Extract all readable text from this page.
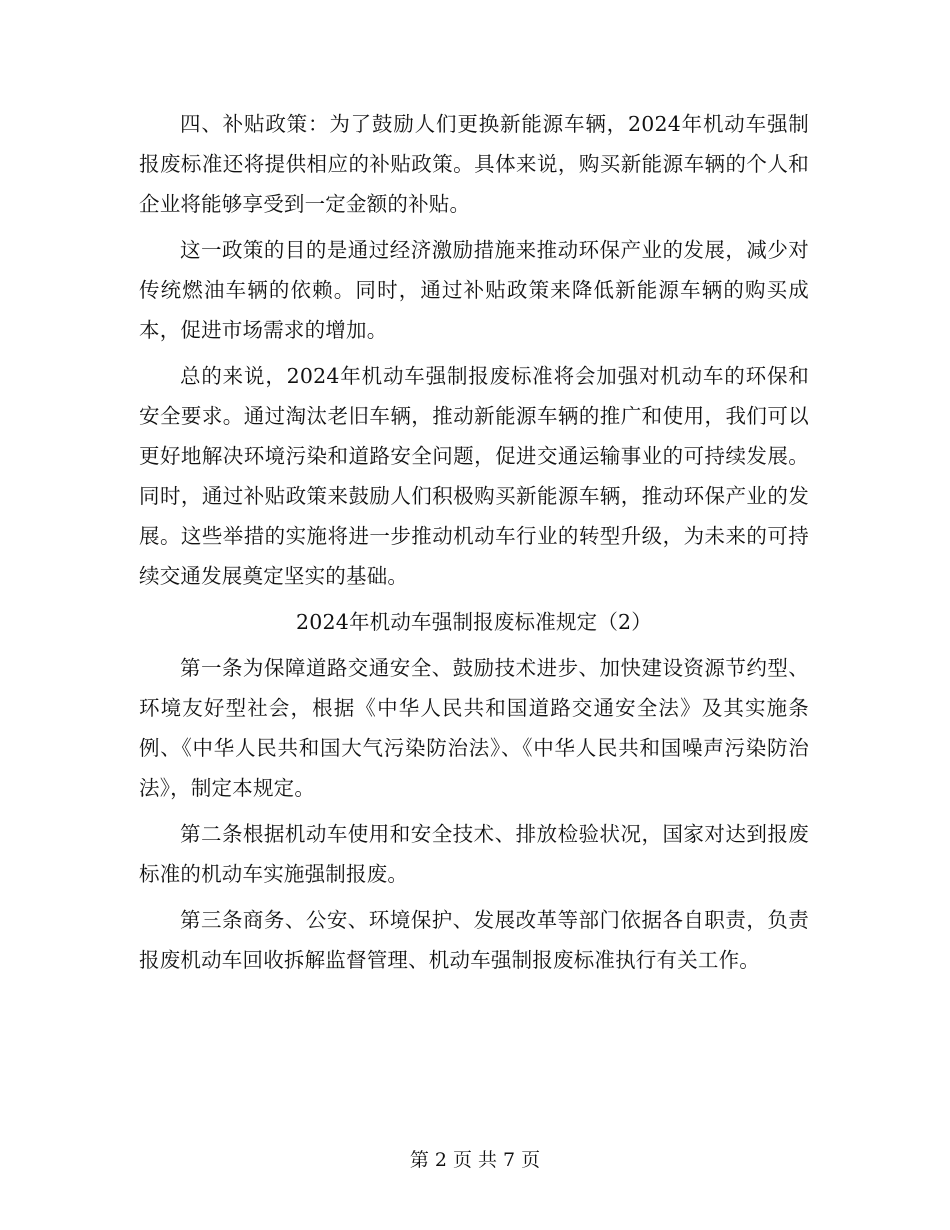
四、补贴政策：为了鼓励人们更换新能源车辆，2024年机动车强制报废标准还将提供相应的补贴政策。具体来说，购买新能源车辆的个人和企业将能够享受到一定金额的补贴。

这一政策的目的是通过经济激励措施来推动环保产业的发展，减少对传统燃油车辆的依赖。同时，通过补贴政策来降低新能源车辆的购买成本，促进市场需求的增加。

总的来说，2024年机动车强制报废标准将会加强对机动车的环保和安全要求。通过淘汰老旧车辆，推动新能源车辆的推广和使用，我们可以更好地解决环境污染和道路安全问题，促进交通运输事业的可持续发展。同时，通过补贴政策来鼓励人们积极购买新能源车辆，推动环保产业的发展。这些举措的实施将进一步推动机动车行业的转型升级，为未来的可持续交通发展奠定坚实的基础。

2024年机动车强制报废标准规定（2）

第一条为保障道路交通安全、鼓励技术进步、加快建设资源节约型、环境友好型社会，根据《中华人民共和国道路交通安全法》及其实施条例、《中华人民共和国大气污染防治法》、《中华人民共和国噪声污染防治法》，制定本规定。

第二条根据机动车使用和安全技术、排放检验状况，国家对达到报废标准的机动车实施强制报废。

第三条商务、公安、环境保护、发展改革等部门依据各自职责，负责报废机动车回收拆解监督管理、机动车强制报废标准执行有关工作。

第 2 页 共 7 页
